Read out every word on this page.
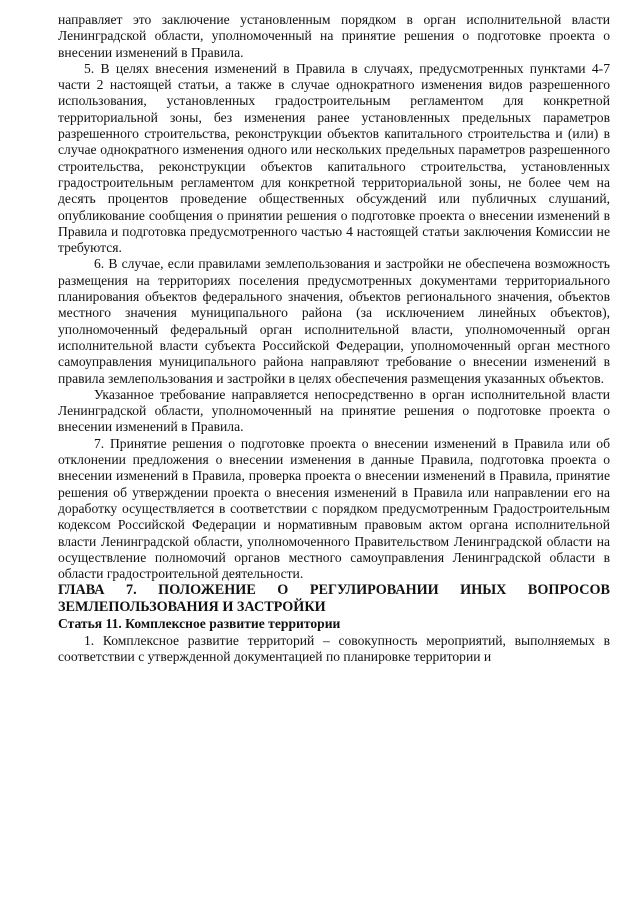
направляет это заключение установленным порядком в орган исполнительной власти Ленинградской области, уполномоченный на принятие решения о подготовке проекта о внесении изменений в Правила.

5. В целях внесения изменений в Правила в случаях, предусмотренных пунктами 4-7 части 2 настоящей статьи, а также в случае однократного изменения видов разрешенного использования, установленных градостроительным регламентом для конкретной территориальной зоны, без изменения ранее установленных предельных параметров разрешенного строительства, реконструкции объектов капитального строительства и (или) в случае однократного изменения одного или нескольких предельных параметров разрешенного строительства, реконструкции объектов капитального строительства, установленных градостроительным регламентом для конкретной территориальной зоны, не более чем на десять процентов проведение общественных обсуждений или публичных слушаний, опубликование сообщения о принятии решения о подготовке проекта о внесении изменений в Правила и подготовка предусмотренного частью 4 настоящей статьи заключения Комиссии не требуются.

6. В случае, если правилами землепользования и застройки не обеспечена возможность размещения на территориях поселения предусмотренных документами территориального планирования объектов федерального значения, объектов регионального значения, объектов местного значения муниципального района (за исключением линейных объектов), уполномоченный федеральный орган исполнительной власти, уполномоченный орган исполнительной власти субъекта Российской Федерации, уполномоченный орган местного самоуправления муниципального района направляют требование о внесении изменений в правила землепользования и застройки в целях обеспечения размещения указанных объектов.

Указанное требование направляется непосредственно в орган исполнительной власти Ленинградской области, уполномоченный на принятие решения о подготовке проекта о внесении изменений в Правила.

7. Принятие решения о подготовке проекта о внесении изменений в Правила или об отклонении предложения о внесении изменения в данные Правила, подготовка проекта о внесении изменений в Правила, проверка проекта о внесении изменений в Правила, принятие решения об утверждении проекта о внесения изменений в Правила или направлении его на доработку осуществляется в соответствии с порядком предусмотренным Градостроительным кодексом Российской Федерации и нормативным правовым актом органа исполнительной власти Ленинградской области, уполномоченного Правительством Ленинградской области на осуществление полномочий органов местного самоуправления Ленинградской области в области градостроительной деятельности.

ГЛАВА 7. ПОЛОЖЕНИЕ О РЕГУЛИРОВАНИИ ИНЫХ ВОПРОСОВ ЗЕМЛЕПОЛЬЗОВАНИЯ И ЗАСТРОЙКИ

Статья 11. Комплексное развитие территории

1. Комплексное развитие территорий – совокупность мероприятий, выполняемых в соответствии с утвержденной документацией по планировке территории и
